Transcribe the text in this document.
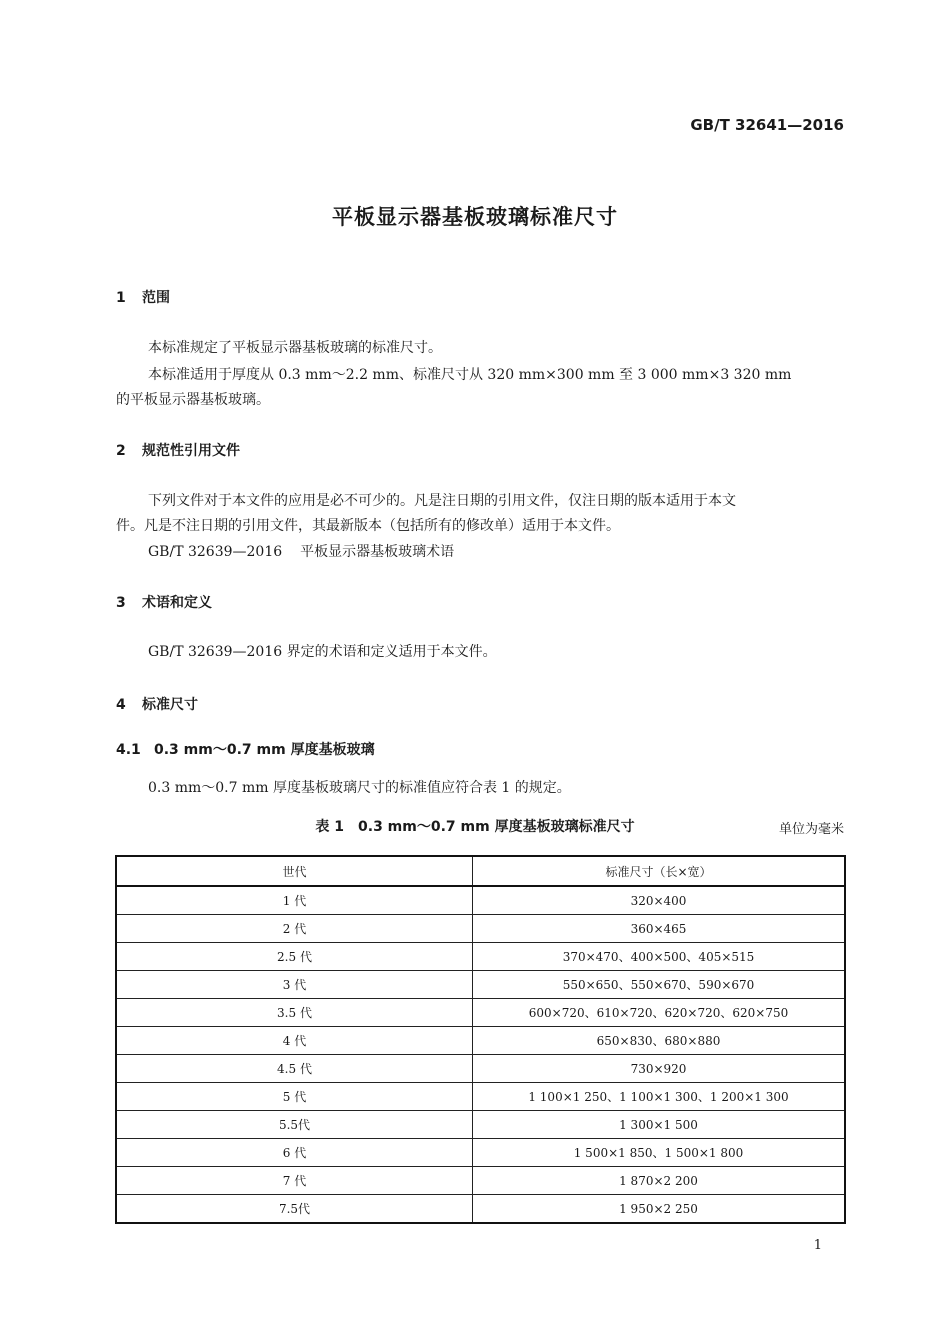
GB/T 32641—2016
平板显示器基板玻璃标准尺寸
1 范围
本标准规定了平板显示器基板玻璃的标准尺寸。
本标准适用于厚度从 0.3 mm～2.2 mm、标准尺寸从 320 mm×300 mm 至 3 000 mm×3 320 mm
的平板显示器基板玻璃。
2 规范性引用文件
下列文件对于本文件的应用是必不可少的。凡是注日期的引用文件，仅注日期的版本适用于本文
件。凡是不注日期的引用文件，其最新版本（包括所有的修改单）适用于本文件。
GB/T 32639—2016 平板显示器基板玻璃术语
3 术语和定义
GB/T 32639—2016 界定的术语和定义适用于本文件。
4 标准尺寸
4.1 0.3 mm～0.7 mm 厚度基板玻璃
0.3 mm～0.7 mm 厚度基板玻璃尺寸的标准值应符合表 1 的规定。
表 1　0.3 mm～0.7 mm 厚度基板玻璃标准尺寸	单位为毫米
世代	标准尺寸（长×宽）
1 代	320×400
2 代	360×465
2.5 代	370×470、400×500、405×515
3 代	550×650、550×670、590×670
3.5 代	600×720、610×720、620×720、620×750
4 代	650×830、680×880
4.5 代	730×920
5 代	1 100×1 250、1 100×1 300、1 200×1 300
5.5代	1 300×1 500
6 代	1 500×1 850、1 500×1 800
7 代	1 870×2 200
7.5代	1 950×2 250
1
